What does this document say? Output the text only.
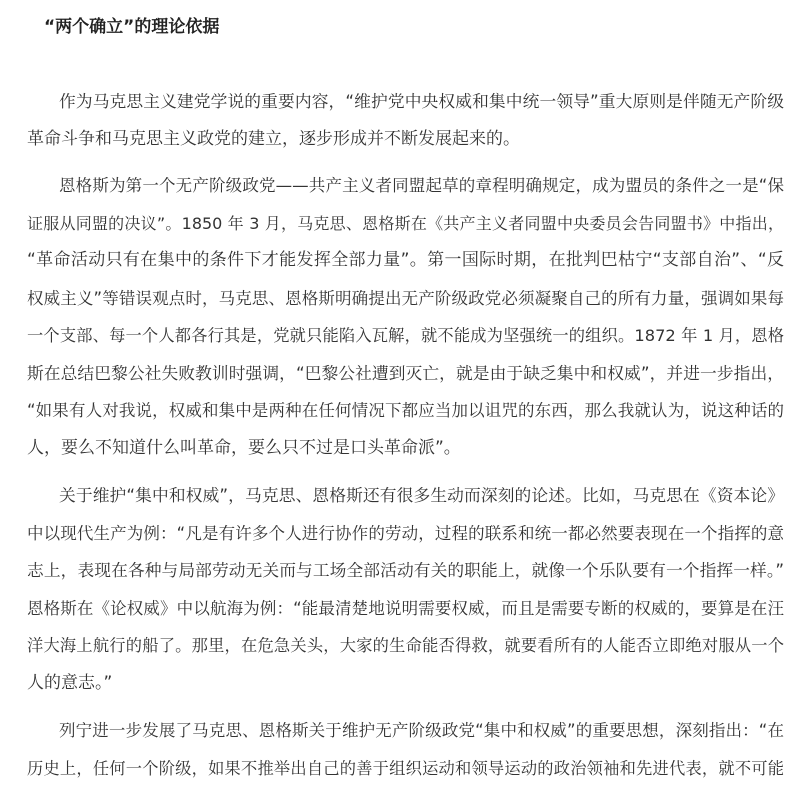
“两个确立”的理论依据
作为马克思主义建党学说的重要内容，“维护党中央权威和集中统一领导”重大原则是伴随无产阶级
革命斗争和马克思主义政党的建立，逐步形成并不断发展起来的。
恩格斯为第一个无产阶级政党——共产主义者同盟起草的章程明确规定，成为盟员的条件之一是“保
证服从同盟的决议”。1850 年 3 月，马克思、恩格斯在《共产主义者同盟中央委员会告同盟书》中指出，
“革命活动只有在集中的条件下才能发挥全部力量”。第一国际时期，在批判巴枯宁“支部自治”、“反
权威主义”等错误观点时，马克思、恩格斯明确提出无产阶级政党必须凝聚自己的所有力量，强调如果每
一个支部、每一个人都各行其是，党就只能陷入瓦解，就不能成为坚强统一的组织。1872 年 1 月，恩格
斯在总结巴黎公社失败教训时强调，“巴黎公社遭到灭亡，就是由于缺乏集中和权威”，并进一步指出，
“如果有人对我说，权威和集中是两种在任何情况下都应当加以诅咒的东西，那么我就认为，说这种话的
人，要么不知道什么叫革命，要么只不过是口头革命派”。
关于维护“集中和权威”，马克思、恩格斯还有很多生动而深刻的论述。比如，马克思在《资本论》
中以现代生产为例：“凡是有许多个人进行协作的劳动，过程的联系和统一都必然要表现在一个指挥的意
志上，表现在各种与局部劳动无关而与工场全部活动有关的职能上，就像一个乐队要有一个指挥一样。”
恩格斯在《论权威》中以航海为例：“能最清楚地说明需要权威，而且是需要专断的权威的，要算是在汪
洋大海上航行的船了。那里，在危急关头，大家的生命能否得救，就要看所有的人能否立即绝对服从一个
人的意志。”
列宁进一步发展了马克思、恩格斯关于维护无产阶级政党“集中和权威”的重要思想，深刻指出：“在
历史上，任何一个阶级，如果不推举出自己的善于组织运动和领导运动的政治领袖和先进代表，就不可能
